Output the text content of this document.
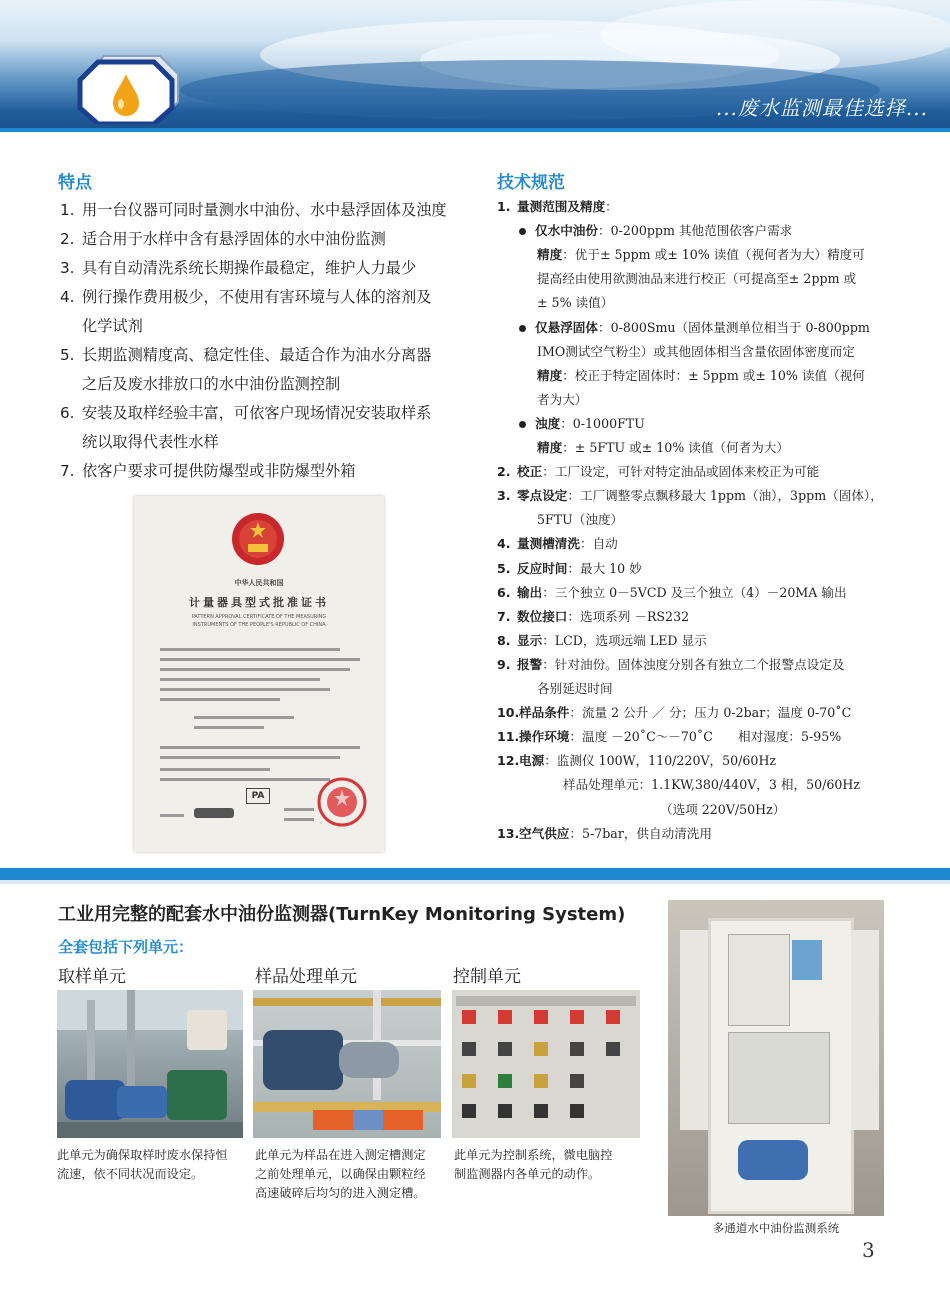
...废水监测最佳选择...
特点
1. 用一台仪器可同时量测水中油份、水中悬浮固体及浊度
2. 适合用于水样中含有悬浮固体的水中油份监测
3. 具有自动清洗系统长期操作最稳定，维护人力最少
4. 例行操作费用极少，不使用有害环境与人体的溶剂及
化学试剂
5. 长期监测精度高、稳定性佳、最适合作为油水分离器
之后及废水排放口的水中油份监测控制
6. 安装及取样经验丰富，可依客户现场情况安装取样系
统以取得代表性水样
7. 依客户要求可提供防爆型或非防爆型外箱
中华人民共和国
计量器具型式批准证书
PATTERN APPROVAL CERTIFICATE OF THE MEASURING
INSTRUMENTS OF THE PEOPLE'S REPUBLIC OF CHINA
PA
技术规范
1. 量测范围及精度：
仅水中油份：0-200ppm 其他范围依客户需求
精度：优于± 5ppm 或± 10% 读值（视何者为大）精度可
提高经由使用欲测油品来进行校正（可提高至± 2ppm 或
± 5% 读值）
仅悬浮固体：0-800Smu（固体量测单位相当于 0-800ppm
IMO测试空气粉尘）或其他固体相当含量依固体密度而定
精度：校正于特定固体时：± 5ppm 或± 10% 读值（视何
者为大）
浊度：0-1000FTU
精度：± 5FTU 或± 10% 读值（何者为大）
2. 校正：工厂设定，可针对特定油品或固体来校正为可能
3. 零点设定：工厂调整零点飘移最大 1ppm（油），3ppm（固体），
5FTU（浊度）
4. 量测槽清洗：自动
5. 反应时间：最大 10 妙
6. 输出：三个独立 0－5VCD 及三个独立（4）－20MA 输出
7. 数位接口：选项系列 －RS232
8. 显示：LCD，选项远端 LED 显示
9. 报警：针对油份。固体浊度分别各有独立二个报警点设定及
各别延迟时间
10.样品条件：流量 2 公升 ／ 分；压力 0-2bar；温度 0-70˚C
11.操作环境：温度 －20˚C～－70˚C　　相对湿度：5-95%
12.电源：监测仪 100W，110/220V，50/60Hz
样品处理单元：1.1KW,380/440V，3 相，50/60Hz
（选项 220V/50Hz）
13.空气供应：5-7bar，供自动清洗用
工业用完整的配套水中油份监测器(TurnKey Monitoring System)
全套包括下列单元：
取样单元	样品处理单元	控制单元
此单元为确保取样时废水保持恒
流速，依不同状况而设定。
此单元为样品在进入测定槽测定
之前处理单元，以确保由颗粒经
高速破碎后均匀的进入测定槽。
此单元为控制系统，微电脑控
制监测器内各单元的动作。
多通道水中油份监测系统
3
